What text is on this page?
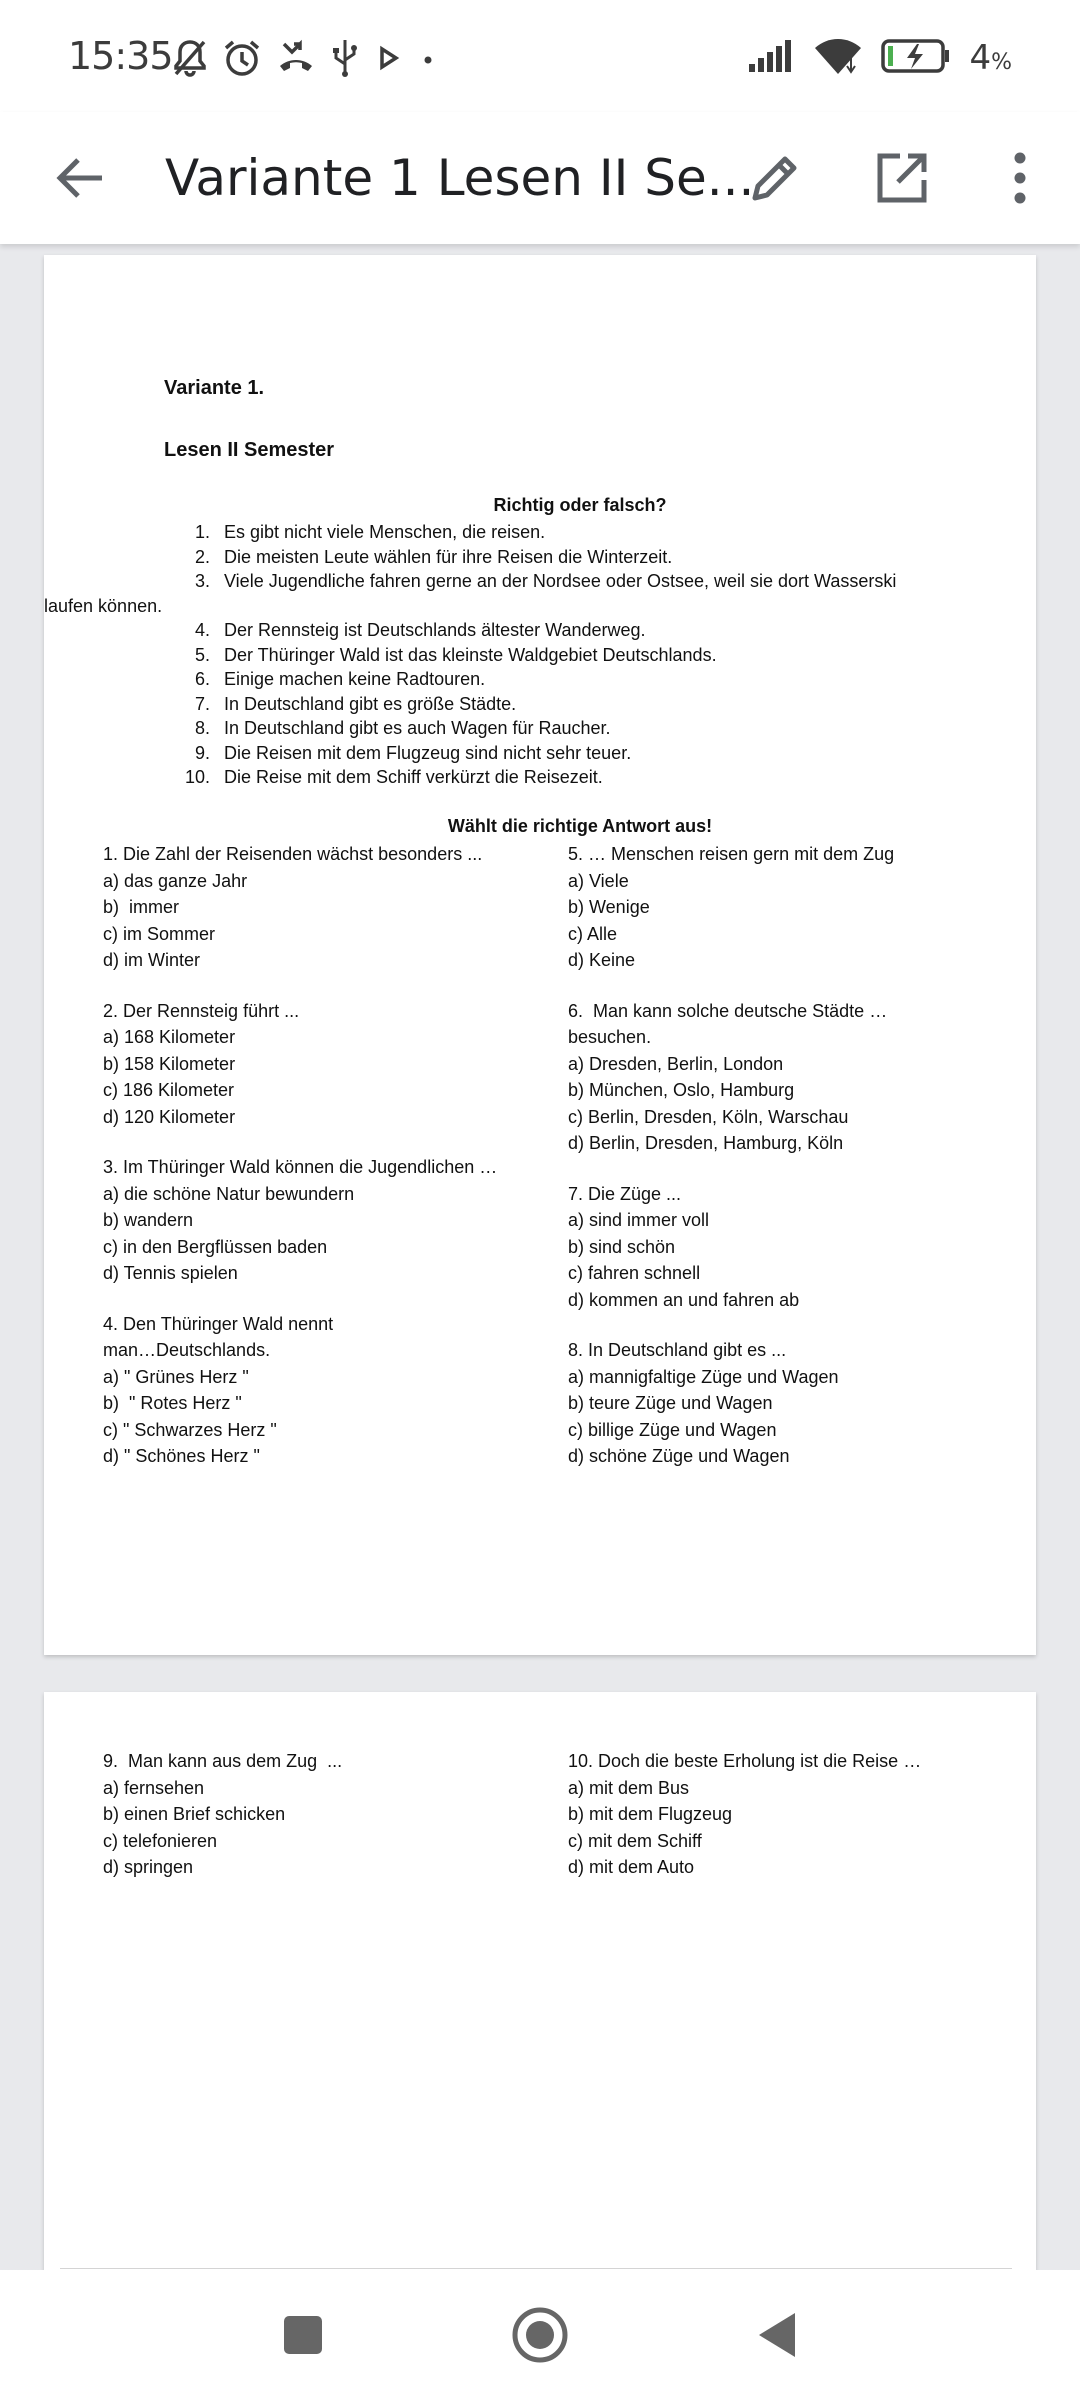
15:35	4%
Variante 1 Lesen II Se...
Variante 1.
Lesen II Semester
Richtig oder falsch?
1. Es gibt nicht viele Menschen, die reisen.
2. Die meisten Leute wählen für ihre Reisen die Winterzeit.
3. Viele Jugendliche fahren gerne an der Nordsee oder Ostsee, weil sie dort Wasserski
laufen können.
4. Der Rennsteig ist Deutschlands ältester Wanderweg.
5. Der Thüringer Wald ist das kleinste Waldgebiet Deutschlands.
6. Einige machen keine Radtouren.
7. In Deutschland gibt es größe Städte.
8. In Deutschland gibt es auch Wagen für Raucher.
9. Die Reisen mit dem Flugzeug sind nicht sehr teuer.
10. Die Reise mit dem Schiff verkürzt die Reisezeit.
Wählt die richtige Antwort aus!
1. Die Zahl der Reisenden wächst besonders ...
a) das ganze Jahr
b)  immer
c) im Sommer
d) im Winter
2. Der Rennsteig führt ...
a) 168 Kilometer
b) 158 Kilometer
c) 186 Kilometer
d) 120 Kilometer
3. Im Thüringer Wald können die Jugendlichen …
a) die schöne Natur bewundern
b) wandern
c) in den Bergflüssen baden
d) Tennis spielen
4. Den Thüringer Wald nennt
man…Deutschlands.
a) " Grünes Herz "
b)  " Rotes Herz "
c) " Schwarzes Herz "
d) " Schönes Herz "
5. … Menschen reisen gern mit dem Zug
a) Viele
b) Wenige
c) Alle
d) Keine
6.  Man kann solche deutsche Städte …
besuchen.
a) Dresden, Berlin, London
b) München, Oslo, Hamburg
c) Berlin, Dresden, Köln, Warschau
d) Berlin, Dresden, Hamburg, Köln
7. Die Züge ...
a) sind immer voll
b) sind schön
c) fahren schnell
d) kommen an und fahren ab
8. In Deutschland gibt es ...
a) mannigfaltige Züge und Wagen
b) teure Züge und Wagen
c) billige Züge und Wagen
d) schöne Züge und Wagen
9.  Man kann aus dem Zug  ...
a) fernsehen
b) einen Brief schicken
c) telefonieren
d) springen
10. Doch die beste Erholung ist die Reise …
a) mit dem Bus
b) mit dem Flugzeug
c) mit dem Schiff
d) mit dem Auto
